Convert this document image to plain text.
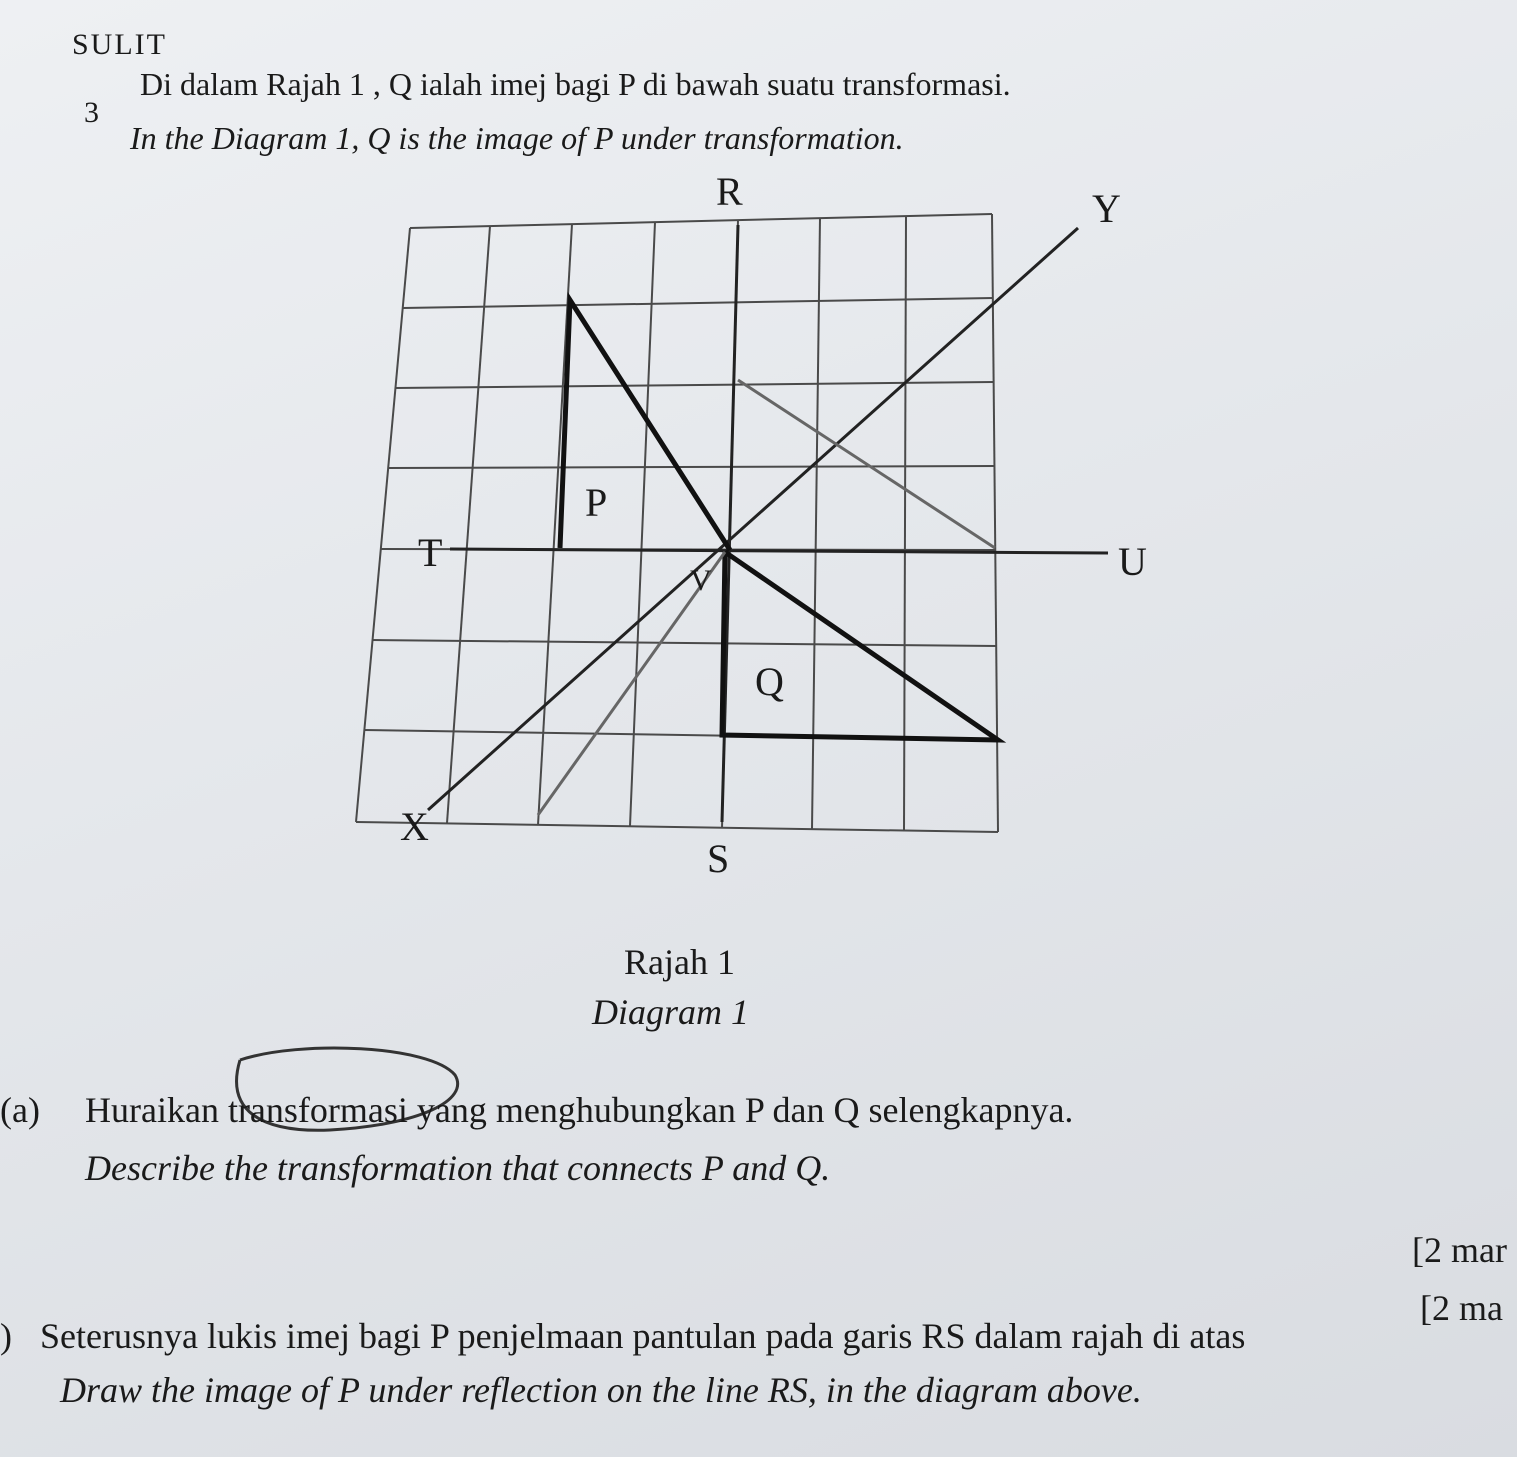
R	Y
P
T	U
V
Q
X
S
SULIT
3
Di dalam Rajah 1 , Q ialah imej bagi P di bawah suatu transformasi.
In the Diagram 1, Q is the image of P under transformation.
Rajah 1
Diagram 1
(a) Huraikan transformasi yang menghubungkan P dan Q selengkapnya.
Describe the transformation that connects P and Q.
[2 mar
[2 ma
) Seterusnya lukis imej bagi P penjelmaan pantulan pada garis RS dalam rajah di atas
Draw the image of P under reflection on the line RS, in the diagram above.
